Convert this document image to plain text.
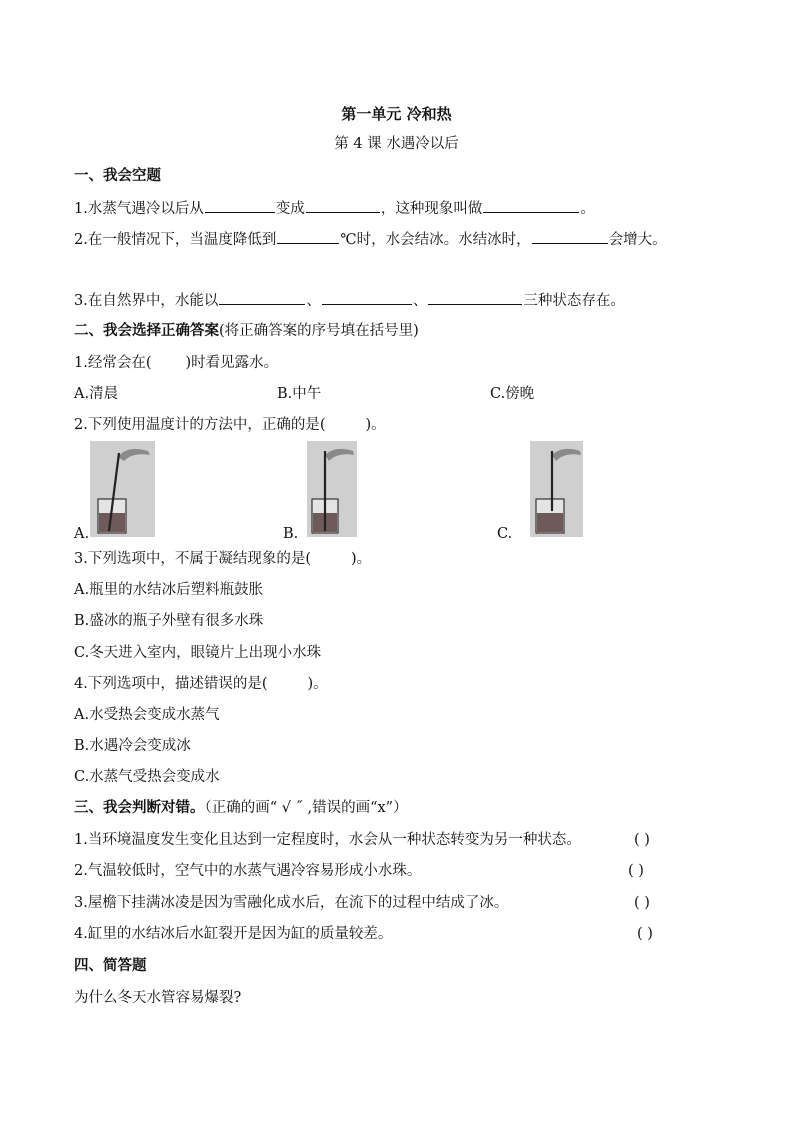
第一单元 冷和热
第 4 课 水遇冷以后
一、我会空题
1.水蒸气遇冷以后从	变成	，这种现象叫做	。
2.在一般情况下，当温度降低到	℃时，水会结冰。水结冰时，	会增大。
3.在自然界中，水能以	、	、	三种状态存在。
二、我会选择正确答案(将正确答案的序号填在括号里)
1.经常会在( )时看见露水。
A.清晨	B.中午	C.傍晚
2.下列使用温度计的方法中，正确的是(	)。
A.	B.	C.
3.下列选项中，不属于凝结现象的是(	)。
A.瓶里的水结冰后塑料瓶鼓胀
B.盛冰的瓶子外壁有很多水珠
C.冬天进入室内，眼镜片上出现小水珠
4.下列选项中，描述错误的是(	)。
A.水受热会变成水蒸气
B.水遇冷会变成冰
C.水蒸气受热会变成水
三、我会判断对错。（正确的画“ √ ˝ ,错误的画“x”）
1.当环境温度发生变化且达到一定程度时，水会从一种状态转变为另一种状态。	( )
2.气温较低时，空气中的水蒸气遇冷容易形成小水珠。	( )
3.屋檐下挂满冰凌是因为雪融化成水后，在流下的过程中结成了冰。	( )
4.缸里的水结冰后水缸裂开是因为缸的质量较差。	( )
四、简答题
为什么冬天水管容易爆裂?
